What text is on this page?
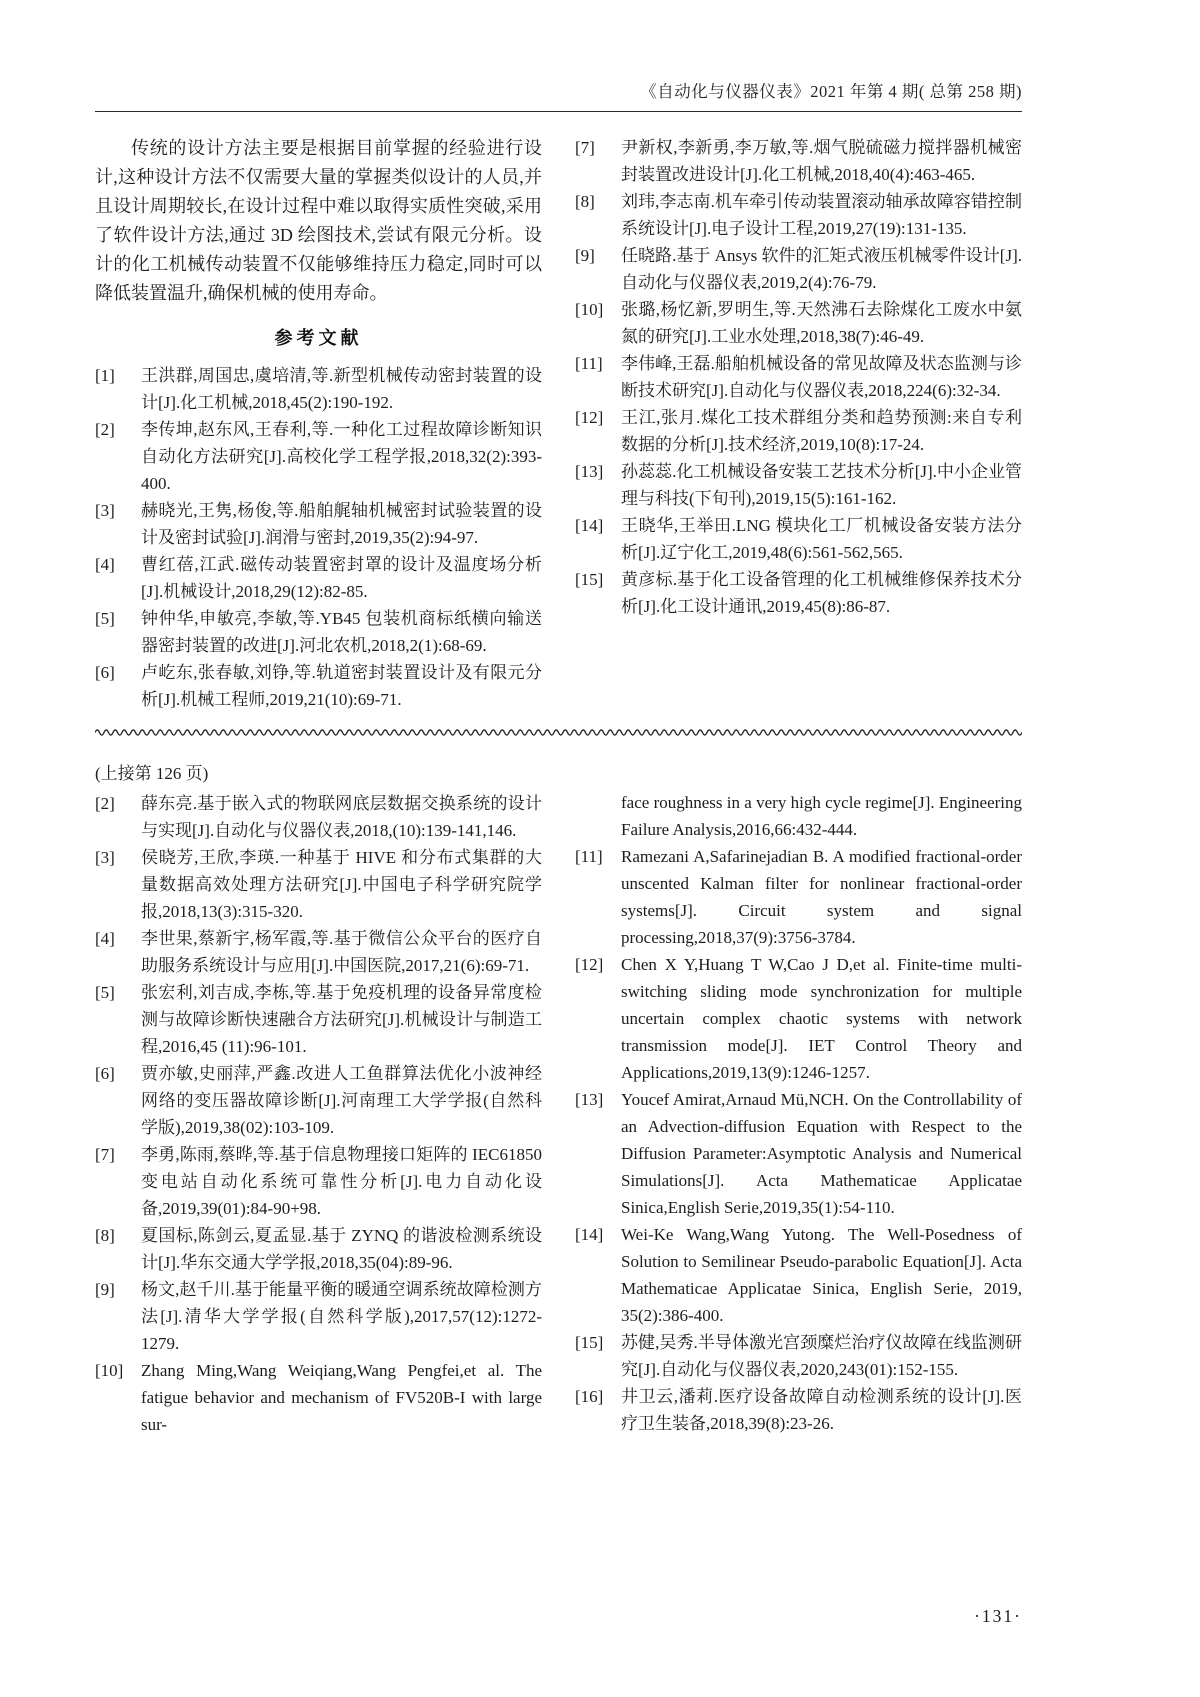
《自动化与仪器仪表》2021 年第 4 期( 总第 258 期)

传统的设计方法主要是根据目前掌握的经验进行设计,这种设计方法不仅需要大量的掌握类似设计的人员,并且设计周期较长,在设计过程中难以取得实质性突破,采用了软件设计方法,通过 3D 绘图技术,尝试有限元分析。设计的化工机械传动装置不仅能够维持压力稳定,同时可以降低装置温升,确保机械的使用寿命。

参考文献
[1]	王洪群,周国忠,虞培清,等.新型机械传动密封装置的设计[J].化工机械,2018,45(2):190-192.
[2]	李传坤,赵东风,王春利,等.一种化工过程故障诊断知识自动化方法研究[J].高校化学工程学报,2018,32(2):393-400.
[3]	赫晓光,王隽,杨俊,等.船舶艉轴机械密封试验装置的设计及密封试验[J].润滑与密封,2019,35(2):94-97.
[4]	曹红蓓,江武.磁传动装置密封罩的设计及温度场分析[J].机械设计,2018,29(12):82-85.
[5]	钟仲华,申敏亮,李敏,等.YB45 包装机商标纸横向输送器密封装置的改进[J].河北农机,2018,2(1):68-69.
[6]	卢屹东,张春敏,刘铮,等.轨道密封装置设计及有限元分析[J].机械工程师,2019,21(10):69-71.
[7]	尹新权,李新勇,李万敏,等.烟气脱硫磁力搅拌器机械密封装置改进设计[J].化工机械,2018,40(4):463-465.
[8]	刘玮,李志南.机车牵引传动装置滚动轴承故障容错控制系统设计[J].电子设计工程,2019,27(19):131-135.
[9]	任晓路.基于 Ansys 软件的汇矩式液压机械零件设计[J].自动化与仪器仪表,2019,2(4):76-79.
[10]	张璐,杨忆新,罗明生,等.天然沸石去除煤化工废水中氨氮的研究[J].工业水处理,2018,38(7):46-49.
[11]	李伟峰,王磊.船舶机械设备的常见故障及状态监测与诊断技术研究[J].自动化与仪器仪表,2018,224(6):32-34.
[12]	王江,张月.煤化工技术群组分类和趋势预测:来自专利数据的分析[J].技术经济,2019,10(8):17-24.
[13]	孙蕊蕊.化工机械设备安装工艺技术分析[J].中小企业管理与科技(下旬刊),2019,15(5):161-162.
[14]	王晓华,王举田.LNG 模块化工厂机械设备安装方法分析[J].辽宁化工,2019,48(6):561-562,565.
[15]	黄彦标.基于化工设备管理的化工机械维修保养技术分析[J].化工设计通讯,2019,45(8):86-87.

(上接第 126 页)

[2]	薛东亮.基于嵌入式的物联网底层数据交换系统的设计与实现[J].自动化与仪器仪表,2018,(10):139-141,146.
[3]	侯晓芳,王欣,李瑛.一种基于 HIVE 和分布式集群的大量数据高效处理方法研究[J].中国电子科学研究院学报,2018,13(3):315-320.
[4]	李世果,蔡新宇,杨军霞,等.基于微信公众平台的医疗自助服务系统设计与应用[J].中国医院,2017,21(6):69-71.
[5]	张宏利,刘吉成,李栋,等.基于免疫机理的设备异常度检测与故障诊断快速融合方法研究[J].机械设计与制造工程,2016,45 (11):96-101.
[6]	贾亦敏,史丽萍,严鑫.改进人工鱼群算法优化小波神经网络的变压器故障诊断[J].河南理工大学学报(自然科学版),2019,38(02):103-109.
[7]	李勇,陈雨,蔡晔,等.基于信息物理接口矩阵的 IEC61850 变电站自动化系统可靠性分析[J].电力自动化设备,2019,39(01):84-90+98.
[8]	夏国标,陈剑云,夏孟显.基于 ZYNQ 的谐波检测系统设计[J].华东交通大学学报,2018,35(04):89-96.
[9]	杨文,赵千川.基于能量平衡的暖通空调系统故障检测方法[J].清华大学学报(自然科学版),2017,57(12):1272-1279.
[10]	Zhang Ming,Wang Weiqiang,Wang Pengfei,et al. The fatigue behavior and mechanism of FV520B-I with large sur-
face roughness in a very high cycle regime[J]. Engineering Failure Analysis,2016,66:432-444.
[11]	Ramezani A,Safarinejadian B. A modified fractional-order unscented Kalman filter for nonlinear fractional-order systems[J]. Circuit system and signal processing,2018,37(9):3756-3784.
[12]	Chen X Y,Huang T W,Cao J D,et al. Finite-time multi-switching sliding mode synchronization for multiple uncertain complex chaotic systems with network transmission mode[J]. IET Control Theory and Applications,2019,13(9):1246-1257.
[13]	Youcef Amirat,Arnaud Mü,NCH. On the Controllability of an Advection-diffusion Equation with Respect to the Diffusion Parameter:Asymptotic Analysis and Numerical Simulations[J]. Acta Mathematicae Applicatae Sinica,English Serie,2019,35(1):54-110.
[14]	Wei-Ke Wang,Wang Yutong. The Well-Posedness of Solution to Semilinear Pseudo-parabolic Equation[J]. Acta Mathematicae Applicatae Sinica, English Serie, 2019, 35(2):386-400.
[15]	苏健,吴秀.半导体激光宫颈糜烂治疗仪故障在线监测研究[J].自动化与仪器仪表,2020,243(01):152-155.
[16]	井卫云,潘莉.医疗设备故障自动检测系统的设计[J].医疗卫生装备,2018,39(8):23-26.
·131·
